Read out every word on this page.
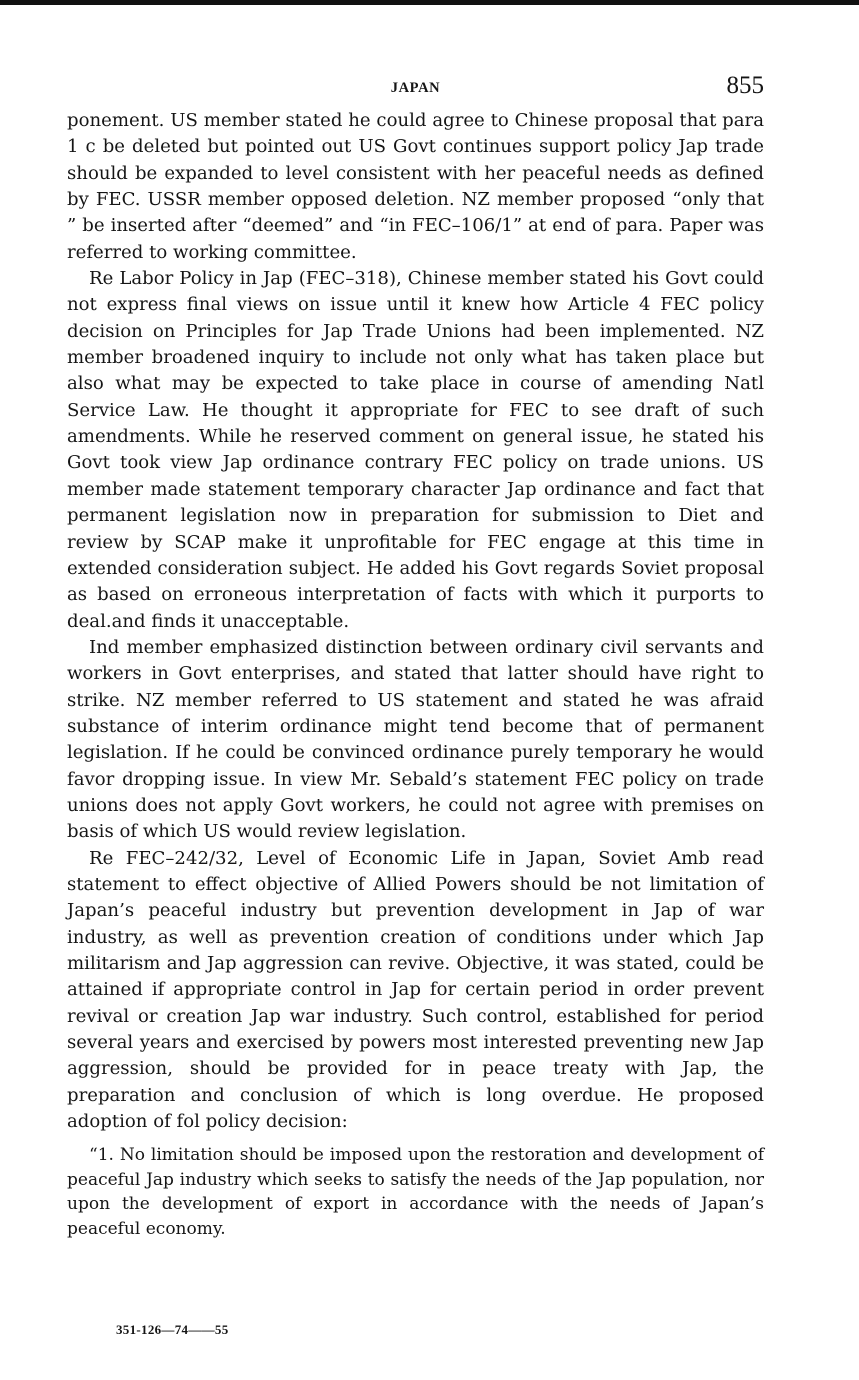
JAPAN	855

ponement. US member stated he could agree to Chinese proposal that para 1 c be deleted but pointed out US Govt continues support policy Jap trade should be expanded to level consistent with her peaceful needs as defined by FEC. USSR member opposed deletion. NZ member proposed “only that ” be inserted after “deemed” and “in FEC–106/1” at end of para. Paper was referred to working committee.

Re Labor Policy in Jap (FEC–318), Chinese member stated his Govt could not express final views on issue until it knew how Article 4 FEC policy decision on Principles for Jap Trade Unions had been implemented. NZ member broadened inquiry to include not only what has taken place but also what may be expected to take place in course of amending Natl Service Law. He thought it appropriate for FEC to see draft of such amendments. While he reserved comment on general issue, he stated his Govt took view Jap ordinance contrary FEC policy on trade unions. US member made statement temporary character Jap ordinance and fact that permanent legislation now in preparation for submission to Diet and review by SCAP make it unprofitable for FEC engage at this time in extended consideration subject. He added his Govt regards Soviet proposal as based on erroneous interpretation of facts with which it purports to deal.and finds it unacceptable.

Ind member emphasized distinction between ordinary civil servants and workers in Govt enterprises, and stated that latter should have right to strike. NZ member referred to US statement and stated he was afraid substance of interim ordinance might tend become that of permanent legislation. If he could be convinced ordinance purely temporary he would favor dropping issue. In view Mr. Sebald’s statement FEC policy on trade unions does not apply Govt workers, he could not agree with premises on basis of which US would review legislation.

Re FEC–242/32, Level of Economic Life in Japan, Soviet Amb read statement to effect objective of Allied Powers should be not limitation of Japan’s peaceful industry but prevention development in Jap of war industry, as well as prevention creation of conditions under which Jap militarism and Jap aggression can revive. Objective, it was stated, could be attained if appropriate control in Jap for certain period in order prevent revival or creation Jap war industry. Such control, established for period several years and exercised by powers most interested preventing new Jap aggression, should be provided for in peace treaty with Jap, the preparation and conclusion of which is long overdue. He proposed adoption of fol policy decision:

“1. No limitation should be imposed upon the restoration and development of peaceful Jap industry which seeks to satisfy the needs of the Jap population, nor upon the development of export in accordance with the needs of Japan’s peaceful economy.

351-126—74——55
